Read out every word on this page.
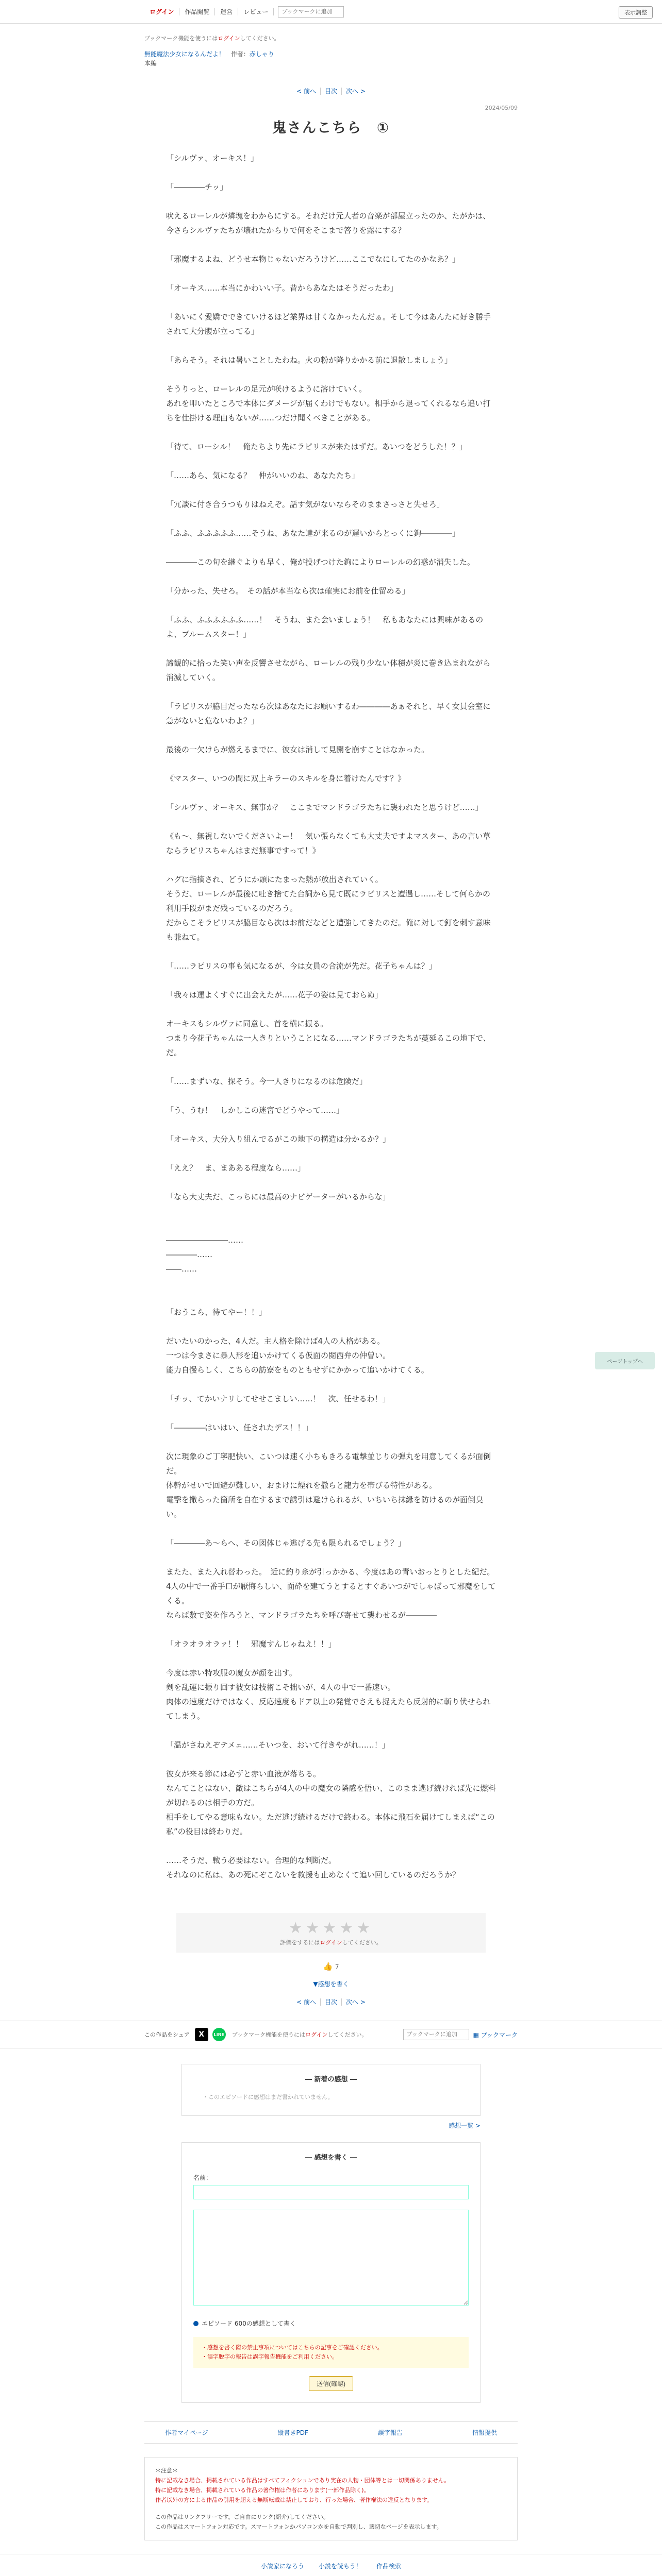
ログイン	作品閲覧	運営	レビュー
ブックマークに追加	表示調整

ブックマーク機能を使うにはログインしてください。

無能魔法少女になるんだよ！ 作者：赤しゃり
本編
< 前へ 目次 次へ >

2024/05/09

鬼さんこちら　①

「シルヴァ、オーキス！」

「――――チッ」

吠えるローレルが燐塊をわからにする。それだけ元人者の音楽が部屋立ったのか、たがかは、今さらシルヴァたちが壊れたからりで何をそこまで答りを露にする？

「邪魔するよね、どうせ本物じゃないだろうけど……ここでなにしてたのかなあ？」

「オーキス……本当にかわいい子。昔からあなたはそうだったわ」

「あいにく愛嬌でできていけるほど業界は甘くなかったんだぁ。そして今はあんたに好き勝手されて大分腹が立ってる」

「あらそう。それは暑いことしたわね。火の粉が降りかかる前に退散しましょう」

そうりっと、ローレルの足元が咲けるように溶けていく。

あれを叩いたところで本体にダメージが届くわけでもない。相手から退ってくれるなら追い打ちを仕掛ける理由もないが……つだけ聞くべきことがある。

「待て、ローシル！　俺たちより先にラピリスが来たはずだ。あいつをどうした！？」

「……あら、気になる？　仲がいいのね、あなたたち」

「冗談に付き合うつもりはねえぞ。話す気がないならそのままさっさと失せろ」

「ふふ、ふふふふふ……そうね、あなた達が来るのが遅いからとっくに鉤――――」

――――この旬を継ぐよりも早く、俺が投げつけた鉤によりローレルの幻惑が消失した。

「分かった、失せろ。　その話が本当なら次は確実にお前を仕留める」

「ふふ、ふふふふふふ……！　そうね、また会いましょう！　私もあなたには興味があるのよ、ブルームスター！」

諦観的に拾った笑い声を反響させながら、ローレルの残り少ない体積が炎に巻き込まれながら消滅していく。

「ラピリスが脇目だったなら次はあなたにお願いするわ――――あぁそれと、早く女員会室に急がないと危ないわよ？」

最後の一欠けらが燃えるまでに、彼女は消して見開を崩すことはなかった。

《マスター、いつの間に双上キラーのスキルを身に着けたんです？》

「シルヴァ、オーキス、無事か？　ここまでマンドラゴラたちに襲われたと思うけど……」

《も～、無視しないでくださいよー！　気い張らなくても大丈夫ですよマスター、あの言い草ならラピリスちゃんはまだ無事ですって！》

ハグに指摘され、どうにか頭にたまった熱が放出されていく。

そうだ、ローレルが最後に吐き捨てた台詞から見て既にラピリスと遭遇し……そして何らかの利用手段がまだ残っているのだろう。

だからこそラピリスが脇目なら次はお前だなどと遭強してきたのだ。俺に対して釘を刺す意味も兼ねて。

「……ラピリスの事も気になるが、今は女員の合流が先だ。花子ちゃんは？」

「我々は運よくすぐに出会えたが……花子の姿は見ておらぬ」

オーキスもシルヴァに同意し、首を横に振る。

つまり今花子ちゃんは一人きりということになる……マンドラゴラたちが蔓延るこの地下で、だ。

「……まずいな、探そう。今一人きりになるのは危険だ」

「う、うむ！　しかしこの迷宮でどうやって……」

「オーキス、大分入り組んでるがこの地下の構造は分かるか？」

「ええ？　ま、まあある程度なら……」

「なら大丈夫だ、こっちには最高のナビゲーターがいるからな」

――――――――……

――――……

――……

「おうこら、待てやー！！」

だいたいのかった、4人だ。主人格を除けば4人の人格がある。

一つは今まさに暴人形を追いかけてくる仮面の閲西弁の仲曽い。

能力自慢らしく、こちらの訪寮をものともせずにかかって追いかけてくる。

「チッ、てかいナリしてせせこましい……！　次、任せるわ！」

「――――はいはい、任されたデス！！」

次に現象のご丁寧肥快い、こいつは速く小ちもきろる電撃並じりの弾丸を用意してくるが面倒だ。

体幹がせいで回避が難しい、おまけに煙れを撒らと龍力を帯びる特性がある。

電撃を撒らった箇所を自在するまで誘引は避けられるが、いちいち抹縁を防けるのが面倒臭い。

「――――あ～らへ、その図体じゃ逃げる先も限られるでしょう？」

またた、また入れ替わった。　近に釣り糸が引っかかる、今度はあの青いおっとりとした紀だ。

4人の中で一番手口が厭悔らしい、面砕を建てうとするとすぐあいつがでしゃばって邪魔をしてくる。

ならば数で姿を作ろうと、マンドラゴラたちを呼び寄せて襲わせるが――――

「オラオラオラァ！！　邪魔すんじゃねえ！！」

今度は赤い特攻服の魔女が顔を出す。

剣を乱運に振り回す彼女は技術こそ拙いが、4人の中で一番速い。

肉体の速度だけではなく、反応速度もドア以上の発覚でさえも捉えたら反射的に斬り伏せられてしまう。

「温がさねえぞテメェ……そいつを、おいて行きやがれ……！」

彼女が来る節には必ずと赤い血液が落ちる。

なんてことはない、敵はこちらが4人の中の魔女の隣感を悟い、このまま逃げ続ければ先に燃料が切れるのは相手の方だ。

相手をしてやる意味もない。ただ逃げ続けるだけで終わる。本体に飛石を届けてしまえば“この私”の役目は終わりだ。

……そうだ、戦う必要はない。合理的な判断だ。

それなのに私は、あの死にぞこないを救援も止めなくて追い回しているのだろうか？

★★★★★

評価をするにはログインしてください。

👍 7

▼感想を書く

< 前へ 目次 次へ >
この作品をシェア	X	LINE ブックマーク機能を使うにはログインしてください。
ブックマークに追加	▦ ブックマーク

― 新着の感想 ―

・このエピソードに感想はまだ書かれていません。

感想一覧 >

― 感想を書く ―

名前：

エピソード 600の感想として書く

・感想を書く際の禁止事項についてはこちらの記事をご確認ください。

・誤字脱字の報告は誤字報告機能をご利用ください。

送信(確認)
作者マイページ	縦書きPDF	誤字報告	情報提供

＊注意＊

特に記載なき場合、掲載されている作品はすべてフィクションであり実在の人物・団体等とは一切関係ありません。

特に記載なき場合、掲載されている作品の著作権は作者にあります(一部作品除く)。

作者以外の方による作品の引用を超える無断転載は禁止しており、行った場合、著作権法の違反となります。

この作品はリンクフリーです。ご自由にリンク(紹介)してください。

この作品はスマートフォン対応です。スマートフォンかパソコンかを自動で判別し、適切なページを表示します。

小説家になろう 小説を読もう！ 作品検索
ページトップへ
